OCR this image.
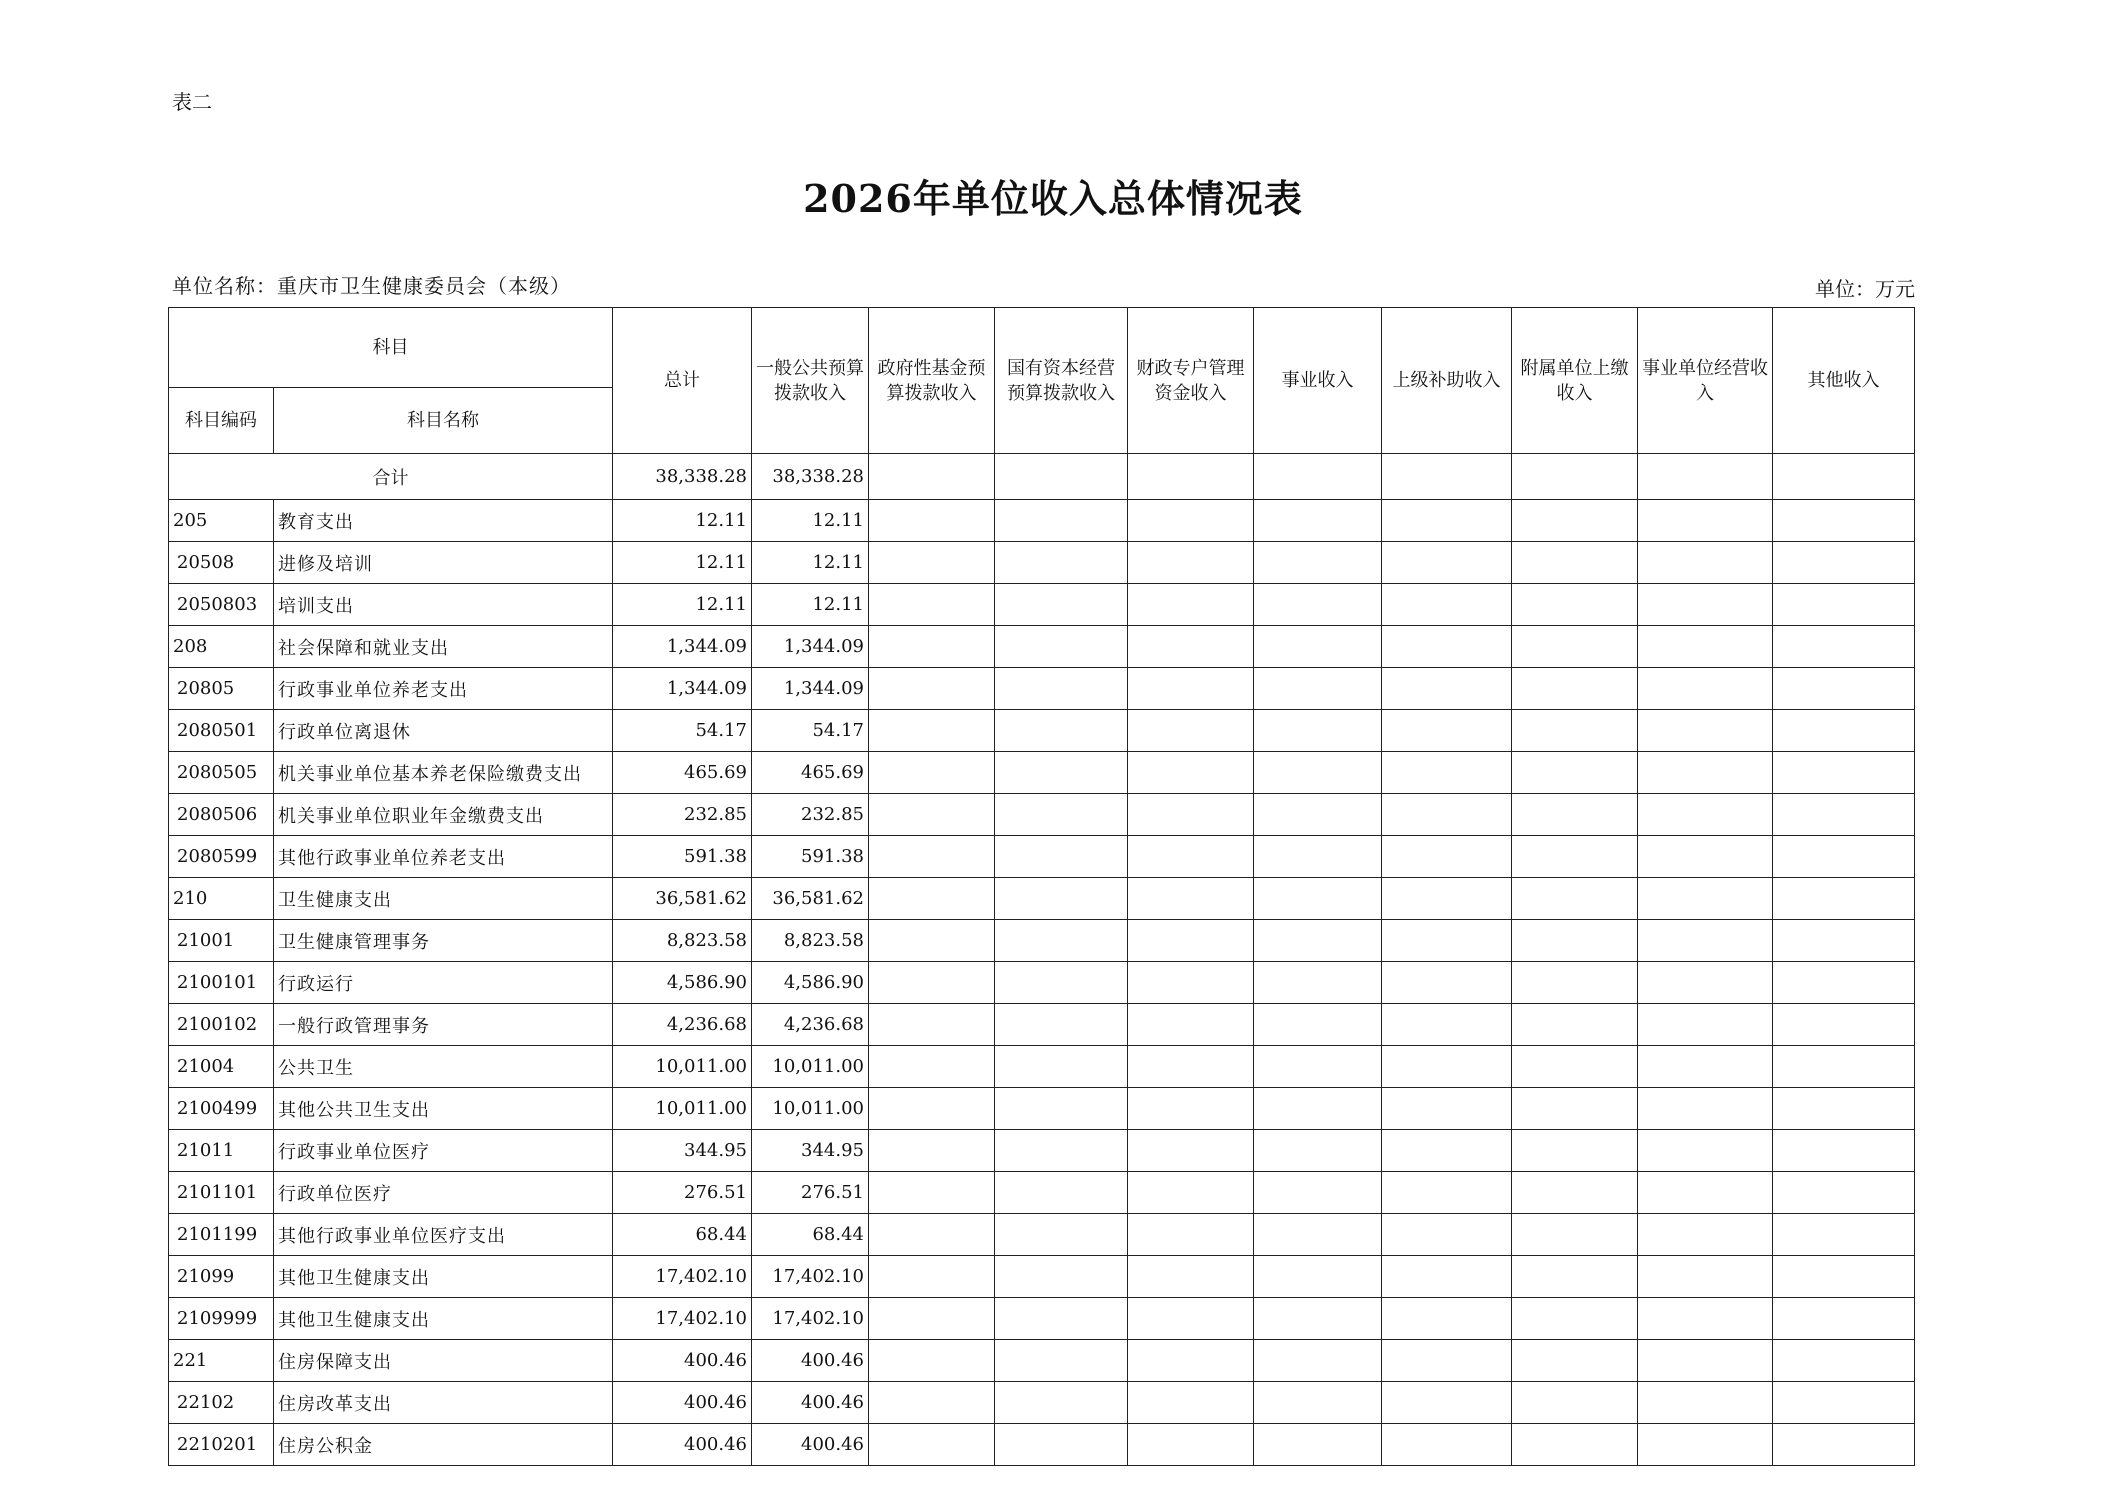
表二
2026年单位收入总体情况表
单位名称：重庆市卫生健康委员会（本级）	单位：万元
科目		总计	一般公共预算拨款收入	政府性基金预算拨款收入	国有资本经营预算拨款收入	财政专户管理资金收入	事业收入	上级补助收入	附属单位上缴收入	事业单位经营收入	其他收入
科目编码	科目名称										
合计		38,338.28	38,338.28								
205	教育支出	12.11	12.11								
20508	进修及培训	12.11	12.11								
2050803	培训支出	12.11	12.11								
208	社会保障和就业支出	1,344.09	1,344.09								
20805	行政事业单位养老支出	1,344.09	1,344.09								
2080501	行政单位离退休	54.17	54.17								
2080505	机关事业单位基本养老保险缴费支出	465.69	465.69								
2080506	机关事业单位职业年金缴费支出	232.85	232.85								
2080599	其他行政事业单位养老支出	591.38	591.38								
210	卫生健康支出	36,581.62	36,581.62								
21001	卫生健康管理事务	8,823.58	8,823.58								
2100101	行政运行	4,586.90	4,586.90								
2100102	一般行政管理事务	4,236.68	4,236.68								
21004	公共卫生	10,011.00	10,011.00								
2100499	其他公共卫生支出	10,011.00	10,011.00								
21011	行政事业单位医疗	344.95	344.95								
2101101	行政单位医疗	276.51	276.51								
2101199	其他行政事业单位医疗支出	68.44	68.44								
21099	其他卫生健康支出	17,402.10	17,402.10								
2109999	其他卫生健康支出	17,402.10	17,402.10								
221	住房保障支出	400.46	400.46								
22102	住房改革支出	400.46	400.46								
2210201	住房公积金	400.46	400.46								
